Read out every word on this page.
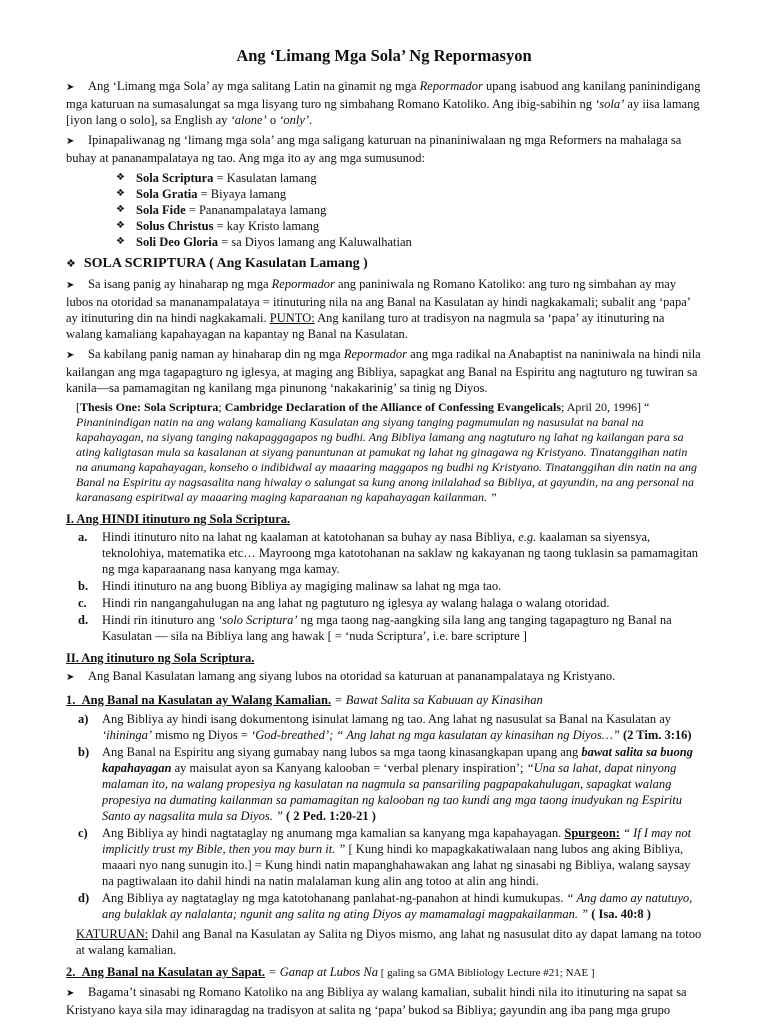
Ang ‘Limang Mga Sola’ Ng Repormasyon

➤ Ang ‘Limang mga Sola’ ay mga salitang Latin na ginamit ng mga Repormador upang isabuod ang kanilang paninindigang mga katuruan na sumasalungat sa mga lisyang turo ng simbahang Romano Katoliko. Ang ibig-sabihin ng ‘sola’ ay iisa lamang [iyon lang o solo], sa English ay ‘alone’ o ‘only’.

➤ Ipinapaliwanag ng ‘limang mga sola’ ang mga saligang katuruan na pinaniniwalaan ng mga Reformers na mahalaga sa buhay at pananampalataya ng tao. Ang mga ito ay ang mga sumusunod:

❖ Sola Scriptura = Kasulatan lamang
❖ Sola Gratia = Biyaya lamang
❖ Sola Fide = Pananampalataya lamang
❖ Solus Christus = kay Kristo lamang
❖ Soli Deo Gloria = sa Diyos lamang ang Kaluwalhatian
❖ SOLA SCRIPTURA ( Ang Kasulatan Lamang )

➤ Sa isang panig ay hinaharap ng mga Repormador ang paniniwala ng Romano Katoliko: ang turo ng simbahan ay may lubos na otoridad sa mananampalataya = itinuturing nila na ang Banal na Kasulatan ay hindi nagkakamali; subalit ang ‘papa’ ay itinuturing din na hindi nagkakamali. PUNTO: Ang kanilang turo at tradisyon na nagmula sa ‘papa’ ay itinuturing na walang kamaliang kapahayagan na kapantay ng Banal na Kasulatan.

➤ Sa kabilang panig naman ay hinaharap din ng mga Repormador ang mga radikal na Anabaptist na naniniwala na hindi nila kailangan ang mga tagapagturo ng iglesya, at maging ang Bibliya, sapagkat ang Banal na Espiritu ang nagtuturo ng tuwiran sa kanila—sa pamamagitan ng kanilang mga pinunong ‘nakakarinig’ sa tinig ng Diyos.

[Thesis One: Sola Scriptura; Cambridge Declaration of the Alliance of Confessing Evangelicals; April 20, 1996] “ Pinaninindigan natin na ang walang kamaliang Kasulatan ang siyang tanging pagmumulan ng nasusulat na banal na kapahayagan, na siyang tanging nakapaggagapos ng budhi. Ang Bibliya lamang ang nagtuturo ng lahat ng kailangan para sa ating kaligtasan mula sa kasalanan at siyang panuntunan at pamukat ng lahat ng ginagawa ng Kristyano. Tinatanggihan natin na anumang kapahayagan, konseho o indibidwal ay maaaring maggapos ng budhi ng Kristyano. Tinatanggihan din natin na ang Banal na Espiritu ay nagsasalita nang hiwalay o salungat sa kung anong inilalahad sa Bibliya, at gayundin, na ang personal na karanasang espiritwal ay maaaring maging kaparaanan ng kapahayagan kailanman. ”
I. Ang HINDI itinuturo ng Sola Scriptura.
a. Hindi itinuturo nito na lahat ng kaalaman at katotohanan sa buhay ay nasa Bibliya, e.g. kaalaman sa siyensya, teknolohiya, matematika etc… Mayroong mga katotohanan na saklaw ng kakayanan ng taong tuklasin sa pamamagitan ng mga kaparaanang nasa kanyang mga kamay.
b. Hindi itinuturo na ang buong Bibliya ay magiging malinaw sa lahat ng mga tao.
c. Hindi rin nangangahulugan na ang lahat ng pagtuturo ng iglesya ay walang halaga o walang otoridad.
d. Hindi rin itinuturo ang ‘solo Scriptura’ ng mga taong nag-aangking sila lang ang tanging tagapagturo ng Banal na Kasulatan — sila na Bibliya lang ang hawak [ = ‘nuda Scriptura’, i.e. bare scripture ]
II. Ang itinuturo ng Sola Scriptura.

➤ Ang Banal Kasulatan lamang ang siyang lubos na otoridad sa katuruan at pananampalataya ng Kristyano.

1. Ang Banal na Kasulatan ay Walang Kamalian. = Bawat Salita sa Kabuuan ay Kinasihan
a) Ang Bibliya ay hindi isang dokumentong isinulat lamang ng tao. Ang lahat ng nasusulat sa Banal na Kasulatan ay ‘ihininga’ mismo ng Diyos = ‘God-breathed’; “ Ang lahat ng mga kasulatan ay kinasihan ng Diyos…” (2 Tim. 3:16)
b) Ang Banal na Espiritu ang siyang gumabay nang lubos sa mga taong kinasangkapan upang ang bawat salita sa buong kapahayagan ay maisulat ayon sa Kanyang kalooban = ‘verbal plenary inspiration’; “Una sa lahat, dapat ninyong malaman ito, na walang propesiya ng kasulatan na nagmula sa pansariling pagpapakahulugan, sapagkat walang propesiya na dumating kailanman sa pamamagitan ng kalooban ng tao kundi ang mga taong inudyukan ng Espiritu Santo ay nagsalita mula sa Diyos. ” ( 2 Ped. 1:20-21 )
c) Ang Bibliya ay hindi nagtataglay ng anumang mga kamalian sa kanyang mga kapahayagan. Spurgeon: “ If I may not implicitly trust my Bible, then you may burn it. ” [ Kung hindi ko mapagkakatiwalaan nang lubos ang aking Bibliya, maaari nyo nang sunugin ito.] = Kung hindi natin mapanghahawakan ang lahat ng sinasabi ng Bibliya, walang saysay na pagtiwalaan ito dahil hindi na natin malalaman kung alin ang totoo at alin ang hindi.
d) Ang Bibliya ay nagtataglay ng mga katotohanang panlahat-ng-panahon at hindi kumukupas. “ Ang damo ay natutuyo, ang bulaklak ay nalalanta; ngunit ang salita ng ating Diyos ay mamamalagi magpakailanman. ” ( Isa. 40:8 )
KATURUAN: Dahil ang Banal na Kasulatan ay Salita ng Diyos mismo, ang lahat ng nasusulat dito ay dapat lamang na totoo at walang kamalian.
2. Ang Banal na Kasulatan ay Sapat. = Ganap at Lubos Na [ galing sa GMA Bibliology Lecture #21; NAE ]

➤ Bagama’t sinasabi ng Romano Katoliko na ang Bibliya ay walang kamalian, subalit hindi nila ito itinuturing na sapat sa Kristyano kaya sila may idinaragdag na tradisyon at salita ng ‘papa’ bukod sa Bibliya; gayundin ang iba pang mga grupo
